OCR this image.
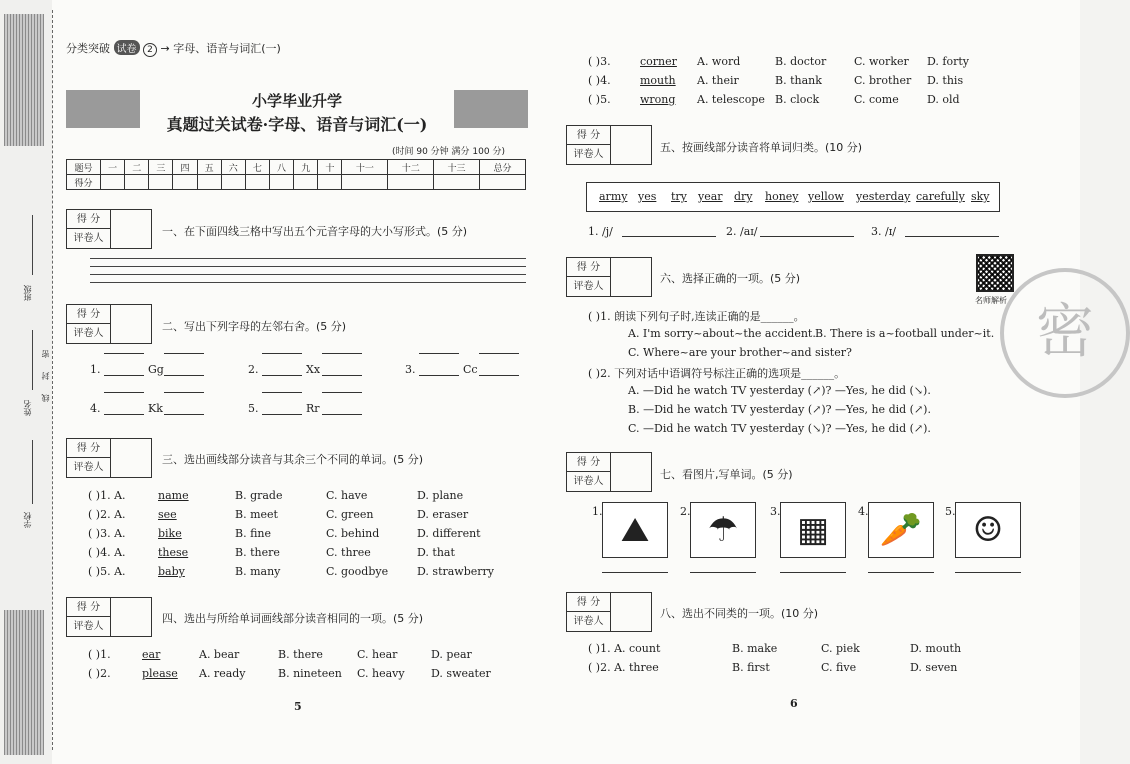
班级
姓名
学校
密
封
线
分类突破 试卷 2 → 字母、语音与词汇(一)
小学毕业升学
真题过关试卷·字母、语音与词汇(一)
(时间 90 分钟 满分 100 分)
题号	一	二	三	四	五	六	七	八	九	十	十一	十二	十三	总分
得分														
得 分
评卷人
一、在下面四线三格中写出五个元音字母的大小写形式。(5 分)
得 分
评卷人
二、写出下列字母的左邻右舍。(5 分)
1.	Gg	2.	Xx	3.	Cc
4.	Kk	5.	Rr
得 分
评卷人
三、选出画线部分读音与其余三个不同的单词。(5 分)
( )1. A.	name	B. grade	C. have	D. plane
( )2. A.	see	B. meet	C. green	D. eraser
( )3. A.	bike	B. fine	C. behind	D. different
( )4. A.	these	B. there	C. three	D. that
( )5. A.	baby	B. many	C. goodbye	D. strawberry
得 分
评卷人
四、选出与所给单词画线部分读音相同的一项。(5 分)
( )1.	ear	A. bear	B. there	C. hear	D. pear
( )2.	please A. ready	B. nineteen C. heavy D. sweater
5
( )3.	corner A. word	B. doctor	C. worker D. forty
( )4.	mouth A. their	B. thank	C. brother D. this
( )5.	wrong A. telescope B. clock	C. come	D. old
得 分
评卷人
五、按画线部分读音将单词归类。(10 分)
army yes try year dry honey yellow yesterday carefully sky
1. /j/	2. /aɪ/	3. /ɪ/
得 分
评卷人
六、选择正确的一项。(5 分)
名师解析 密
( )1. 朗读下列句子时,连读正确的是______。
A. I'm sorry~about~the accident. B. There is a~football under~it.
C. Where~are your brother~and sister?
( )2. 下列对话中语调符号标注正确的选项是______。
A. —Did he watch TV yesterday (↗)? —Yes, he did (↘).
B. —Did he watch TV yesterday (↗)? —Yes, he did (↗).
C. —Did he watch TV yesterday (↘)? —Yes, he did (↗).
得 分
评卷人
七、看图片,写单词。(5 分)
1. ⛰	2. ☂	3. ▦	4. 🥕 5. ☺
得 分
评卷人
八、选出不同类的一项。(10 分)
( )1. A. count	B. make	C. piek	D. mouth
( )2. A. three	B. first	C. five	D. seven
6
